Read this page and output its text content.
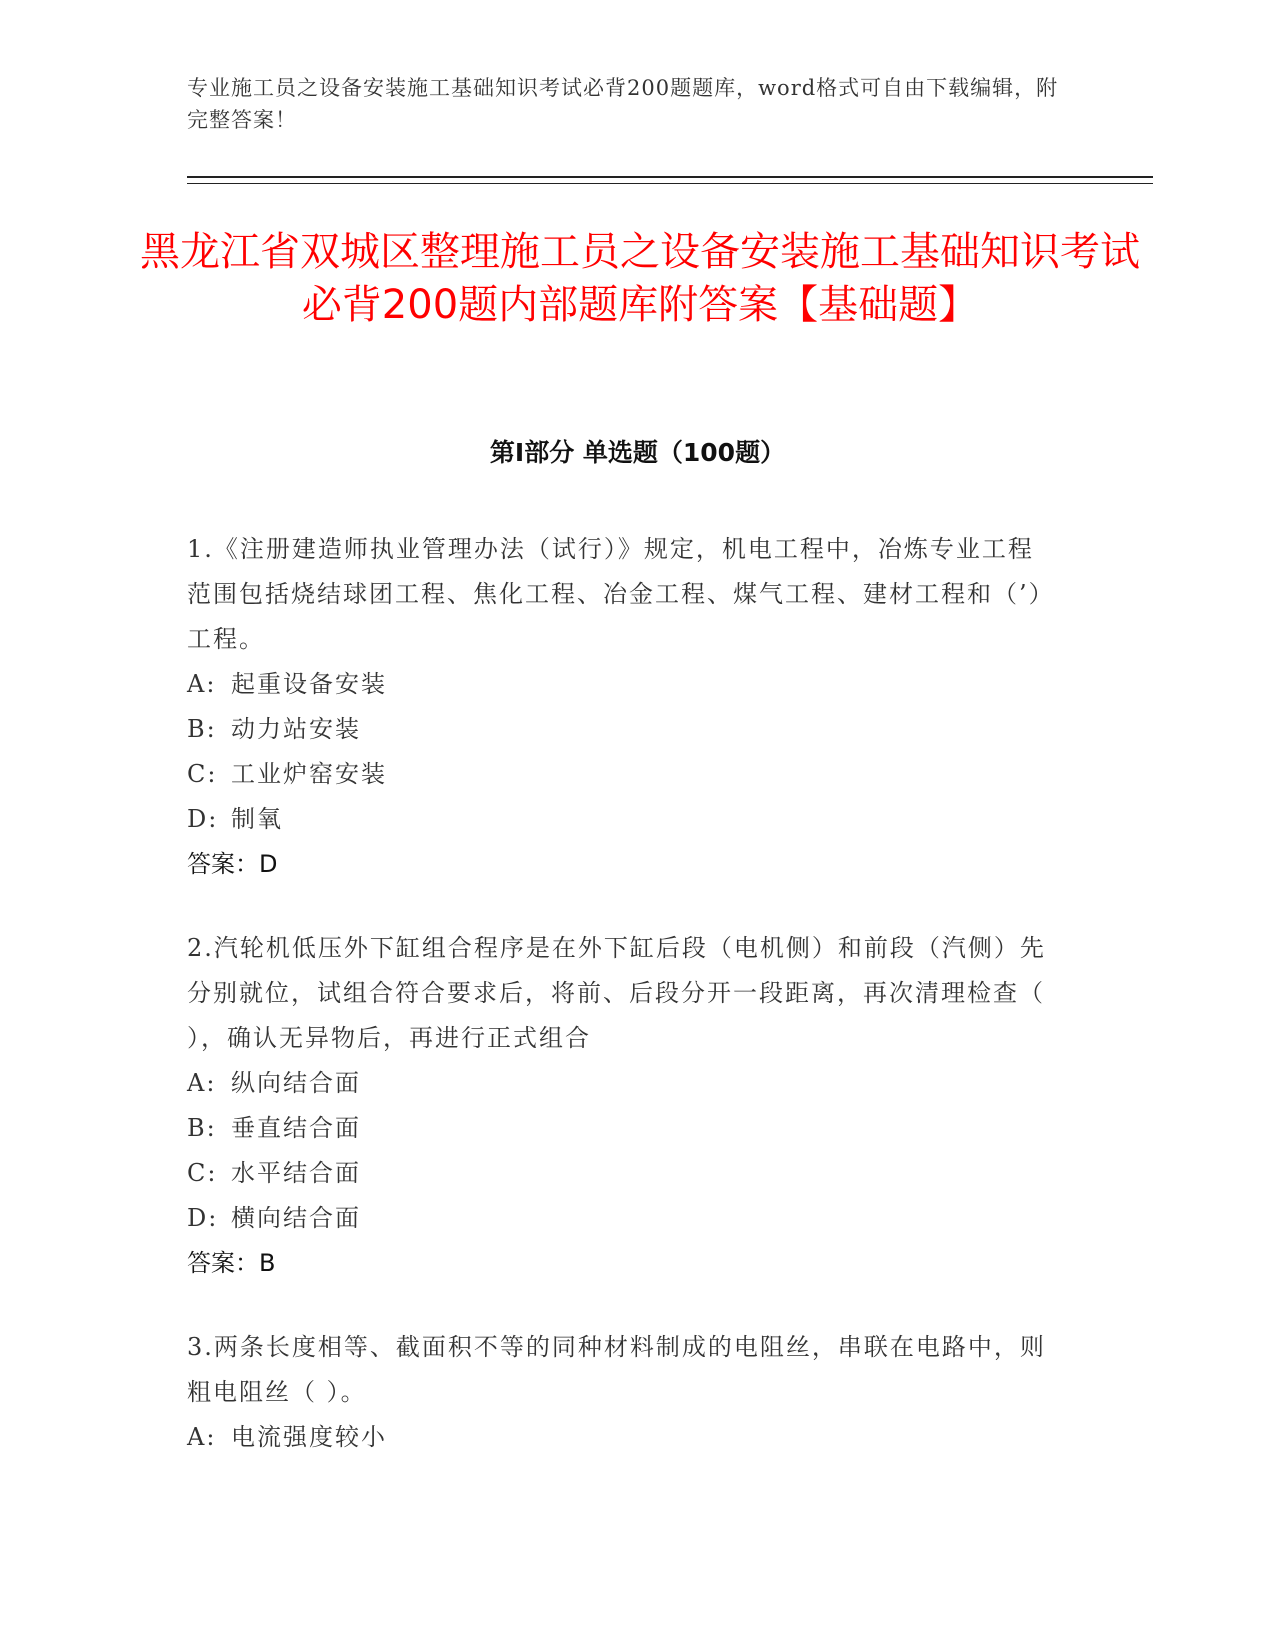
专业施工员之设备安装施工基础知识考试必背200题题库，word格式可自由下载编辑，附完整答案！
黑龙江省双城区整理施工员之设备安装施工基础知识考试必背200题内部题库附答案【基础题】
第Ⅰ部分 单选题（100题）

1.《注册建造师执业管理办法（试行）》规定，机电工程中，冶炼专业工程范围包括烧结球团工程、焦化工程、冶金工程、煤气工程、建材工程和（’）工程。

A: 起重设备安装

B: 动力站安装

C: 工业炉窑安装

D: 制氧

答案：D

2.汽轮机低压外下缸组合程序是在外下缸后段（电机侧）和前段（汽侧）先分别就位，试组合符合要求后，将前、后段分开一段距离，再次清理检查（ ），确认无异物后，再进行正式组合

A: 纵向结合面

B: 垂直结合面

C: 水平结合面

D: 横向结合面

答案：B

3.两条长度相等、截面积不等的同种材料制成的电阻丝，串联在电路中，则粗电阻丝（ ）。

A: 电流强度较小
